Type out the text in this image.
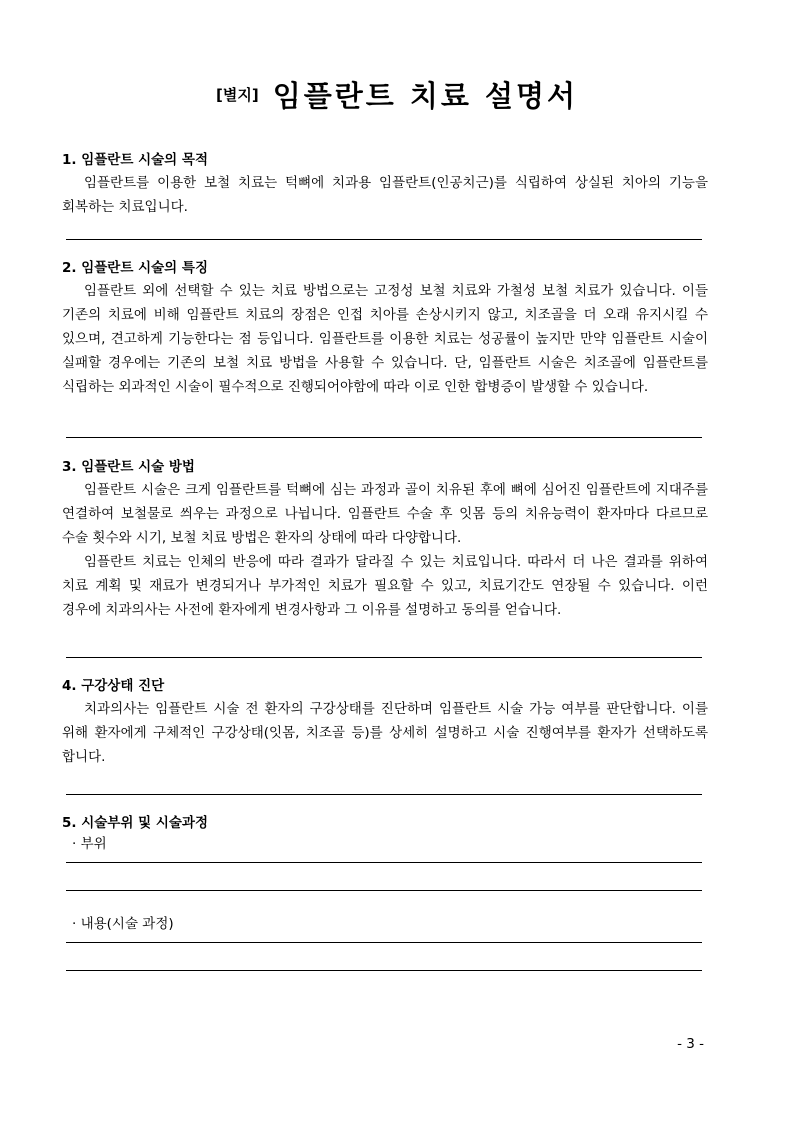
[별지] 임플란트 치료 설명서
1. 임플란트 시술의 목적

임플란트를 이용한 보철 치료는 턱뼈에 치과용 임플란트(인공치근)를 식립하여 상실된 치아의 기능을 회복하는 치료입니다.

2. 임플란트 시술의 특징

임플란트 외에 선택할 수 있는 치료 방법으로는 고정성 보철 치료와 가철성 보철 치료가 있습니다. 이들 기존의 치료에 비해 임플란트 치료의 장점은 인접 치아를 손상시키지 않고, 치조골을 더 오래 유지시킬 수 있으며, 견고하게 기능한다는 점 등입니다. 임플란트를 이용한 치료는 성공률이 높지만 만약 임플란트 시술이 실패할 경우에는 기존의 보철 치료 방법을 사용할 수 있습니다. 단, 임플란트 시술은 치조골에 임플란트를 식립하는 외과적인 시술이 필수적으로 진행되어야함에 따라 이로 인한 합병증이 발생할 수 있습니다.

3. 임플란트 시술 방법

임플란트 시술은 크게 임플란트를 턱뼈에 심는 과정과 골이 치유된 후에 뼈에 심어진 임플란트에 지대주를 연결하여 보철물로 씌우는 과정으로 나뉩니다. 임플란트 수술 후 잇몸 등의 치유능력이 환자마다 다르므로 수술 횟수와 시기, 보철 치료 방법은 환자의 상태에 따라 다양합니다.

임플란트 치료는 인체의 반응에 따라 결과가 달라질 수 있는 치료입니다. 따라서 더 나은 결과를 위하여 치료 계획 및 재료가 변경되거나 부가적인 치료가 필요할 수 있고, 치료기간도 연장될 수 있습니다. 이런 경우에 치과의사는 사전에 환자에게 변경사항과 그 이유를 설명하고 동의를 얻습니다.

4. 구강상태 진단

치과의사는 임플란트 시술 전 환자의 구강상태를 진단하며 임플란트 시술 가능 여부를 판단합니다. 이를 위해 환자에게 구체적인 구강상태(잇몸, 치조골 등)를 상세히 설명하고 시술 진행여부를 환자가 선택하도록 합니다.

5. 시술부위 및 시술과정
· 부위
· 내용(시술 과정)
- 3 -
